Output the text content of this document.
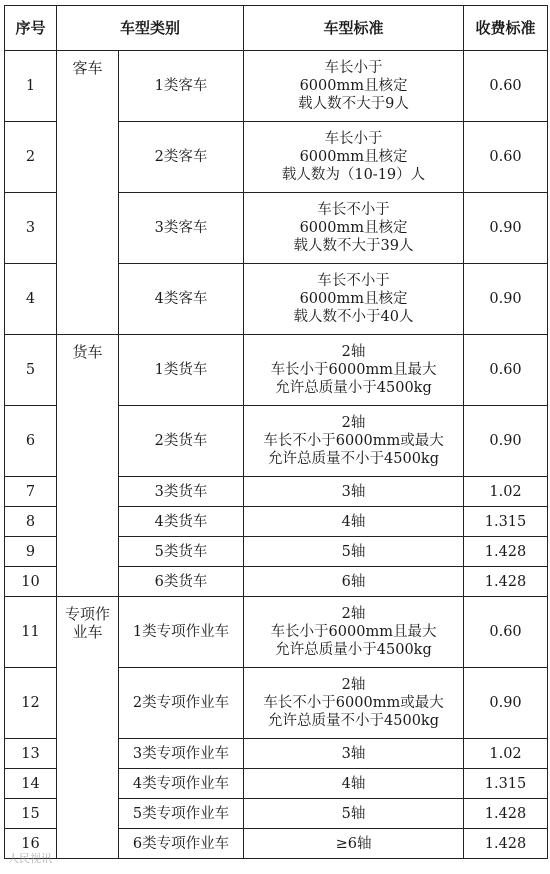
序号	车型类别		车型标准	收费标准
1	客车	1类客车	车长小于
6000mm且核定
载人数不大于9人	0.60
2		2类客车	车长小于
6000mm且核定
载人数为（10-19）人	0.60
3		3类客车	车长不小于
6000mm且核定
载人数不大于39人	0.90
4		4类客车	车长不小于
6000mm且核定
载人数不小于40人	0.90
5	货车	1类货车	2轴
车长小于6000mm且最大
允许总质量小于4500kg	0.60
6		2类货车	2轴
车长不小于6000mm或最大
允许总质量不小于4500kg	0.90
7		3类货车	3轴	1.02
8		4类货车	4轴	1.315
9		5类货车	5轴	1.428
10		6类货车	6轴	1.428
11	专项作业车	1类专项作业车	2轴
车长小于6000mm且最大
允许总质量小于4500kg	0.60
12		2类专项作业车	2轴
车长不小于6000mm或最大
允许总质量不小于4500kg	0.90
13		3类专项作业车	3轴	1.02
14		4类专项作业车	4轴	1.315
15		5类专项作业车	5轴	1.428
16		6类专项作业车	≥6轴	1.428
人民视讯
